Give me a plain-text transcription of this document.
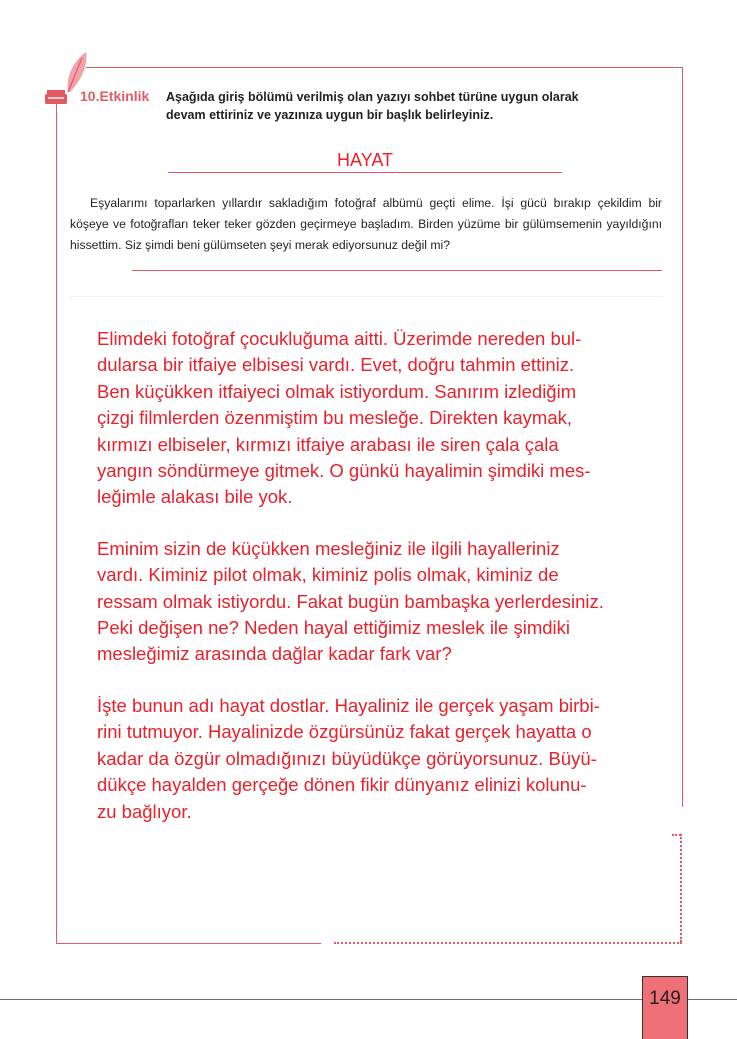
10.Etkinlik Aşağıda giriş bölümü verilmiş olan yazıyı sohbet türüne uygun olarak
devam ettiriniz ve yazınıza uygun bir başlık belirleyiniz.
HAYAT
Eşyalarımı toparlarken yıllardır sakladığım fotoğraf albümü geçti elime. İşi gücü bırakıp çekildim bir köşeye ve fotoğrafları teker teker gözden geçirmeye başladım. Birden yüzüme bir gülümsemenin yayıldığını hissettim. Siz şimdi beni gülümseten şeyi merak ediyorsunuz değil mi?
Elimdeki fotoğraf çocukluğuma aitti. Üzerimde nereden bul-
dularsa bir itfaiye elbisesi vardı. Evet, doğru tahmin ettiniz.
Ben küçükken itfaiyeci olmak istiyordum. Sanırım izlediğim
çizgi filmlerden özenmiştim bu mesleğe. Direkten kaymak,
kırmızı elbiseler, kırmızı itfaiye arabası ile siren çala çala
yangın söndürmeye gitmek. O günkü hayalimin şimdiki mes-
leğimle alakası bile yok.
Eminim sizin de küçükken mesleğiniz ile ilgili hayalleriniz
vardı. Kiminiz pilot olmak, kiminiz polis olmak, kiminiz de
ressam olmak istiyordu. Fakat bugün bambaşka yerlerdesiniz.
Peki değişen ne? Neden hayal ettiğimiz meslek ile şimdiki
mesleğimiz arasında dağlar kadar fark var?
İşte bunun adı hayat dostlar. Hayaliniz ile gerçek yaşam birbi-
rini tutmuyor. Hayalinizde özgürsünüz fakat gerçek hayatta o
kadar da özgür olmadığınızı büyüdükçe görüyorsunuz. Büyü-
dükçe hayalden gerçeğe dönen fikir dünyanız elinizi kolunu-
zu bağlıyor.
149
